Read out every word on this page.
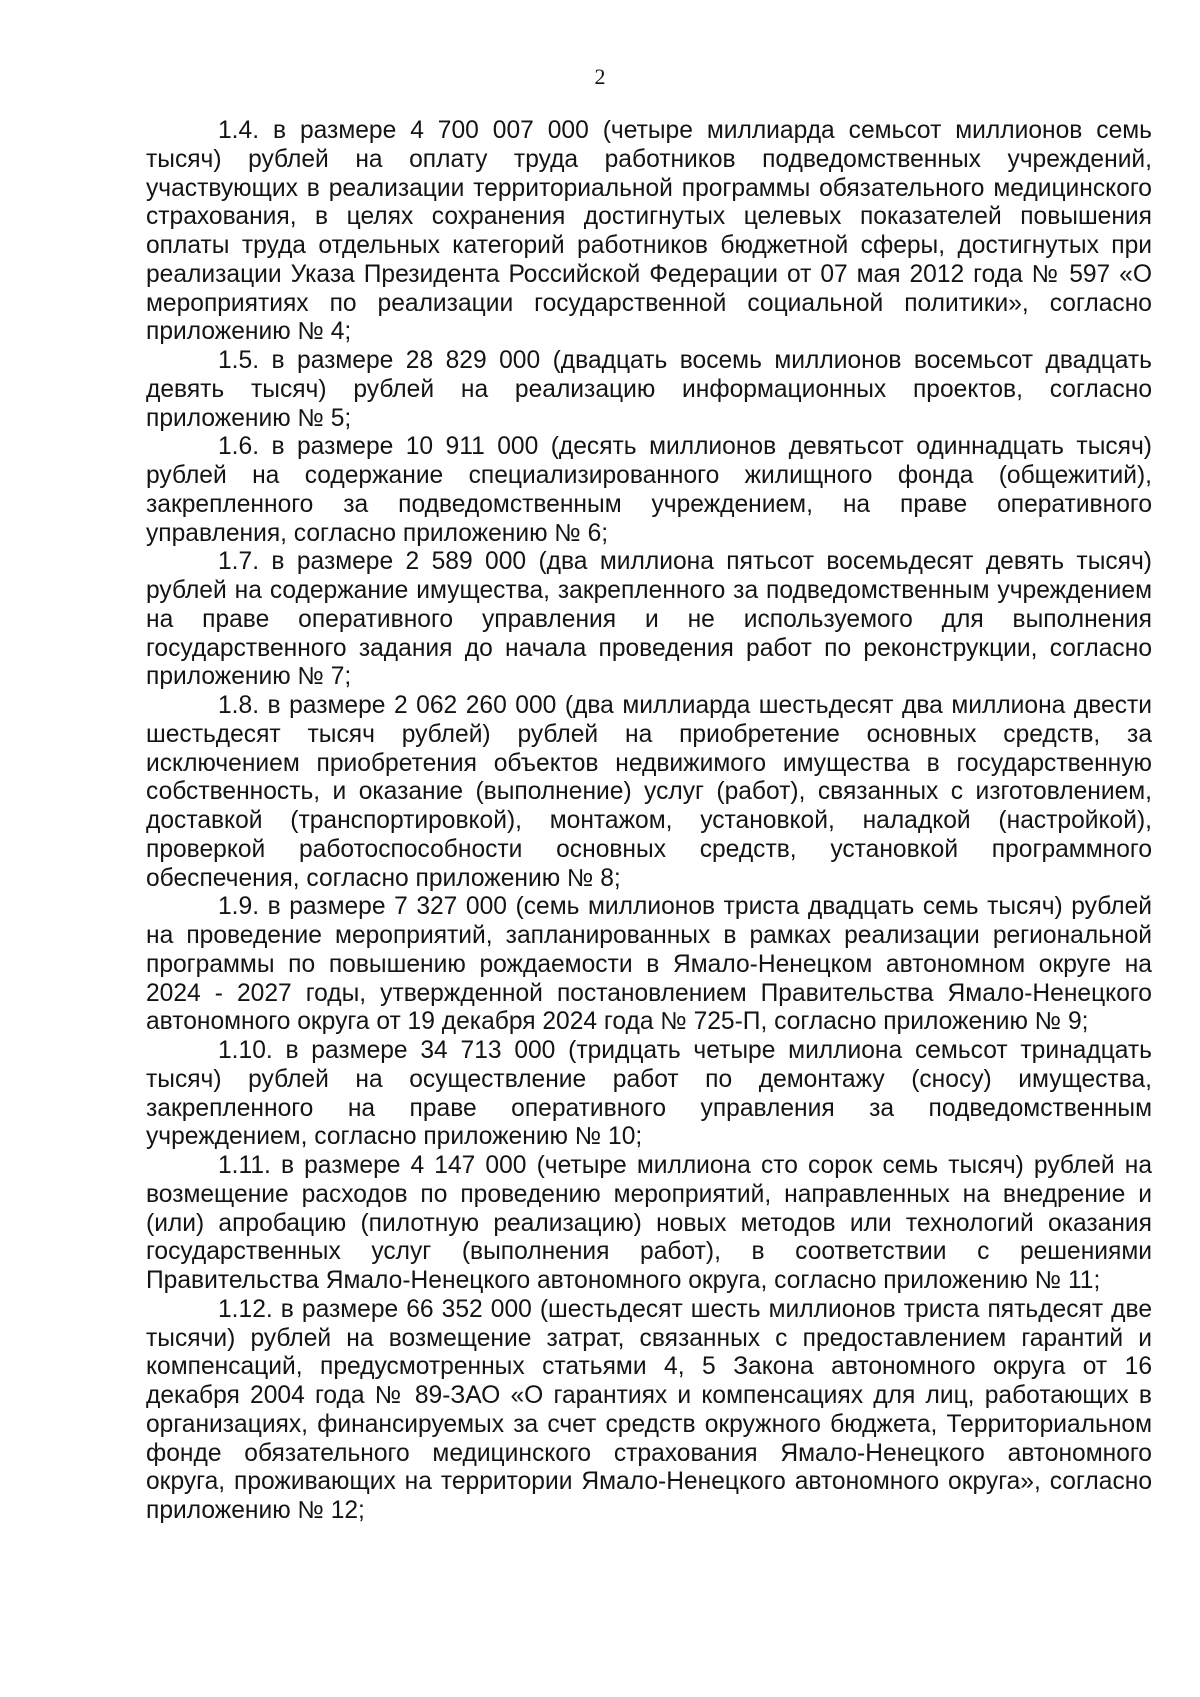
2

1.4. в размере 4 700 007 000 (четыре миллиарда семьсот миллионов семь тысяч) рублей на оплату труда работников подведомственных учреждений, участвующих в реализации территориальной программы обязательного медицинского страхования, в целях сохранения достигнутых целевых показателей повышения оплаты труда отдельных категорий работников бюджетной сферы, достигнутых при реализации Указа Президента Российской Федерации от 07 мая 2012 года № 597 «О мероприятиях по реализации государственной социальной политики», согласно приложению № 4;

1.5. в размере 28 829 000 (двадцать восемь миллионов восемьсот двадцать девять тысяч) рублей на реализацию информационных проектов, согласно приложению № 5;

1.6. в размере 10 911 000 (десять миллионов девятьсот одиннадцать тысяч) рублей на содержание специализированного жилищного фонда (общежитий), закрепленного за подведомственным учреждением, на праве оперативного управления, согласно приложению № 6;

1.7. в размере 2 589 000 (два миллиона пятьсот восемьдесят девять тысяч) рублей на содержание имущества, закрепленного за подведомственным учреждением на праве оперативного управления и не используемого для выполнения государственного задания до начала проведения работ по реконструкции, согласно приложению № 7;

1.8. в размере 2 062 260 000 (два миллиарда шестьдесят два миллиона двести шестьдесят тысяч рублей) рублей на приобретение основных средств, за исключением приобретения объектов недвижимого имущества в государственную собственность, и оказание (выполнение) услуг (работ), связанных с изготовлением, доставкой (транспортировкой), монтажом, установкой, наладкой (настройкой), проверкой работоспособности основных средств, установкой программного обеспечения, согласно приложению № 8;

1.9. в размере 7 327 000 (семь миллионов триста двадцать семь тысяч) рублей на проведение мероприятий, запланированных в рамках реализации региональной программы по повышению рождаемости в Ямало-Ненецком автономном округе на 2024 - 2027 годы, утвержденной постановлением Правительства Ямало-Ненецкого автономного округа от 19 декабря 2024 года № 725-П, согласно приложению № 9;

1.10. в размере 34 713 000 (тридцать четыре миллиона семьсот тринадцать тысяч) рублей на осуществление работ по демонтажу (сносу) имущества, закрепленного на праве оперативного управления за подведомственным учреждением, согласно приложению № 10;

1.11. в размере 4 147 000 (четыре миллиона сто сорок семь тысяч) рублей на возмещение расходов по проведению мероприятий, направленных на внедрение и (или) апробацию (пилотную реализацию) новых методов или технологий оказания государственных услуг (выполнения работ), в соответствии с решениями Правительства Ямало-Ненецкого автономного округа, согласно приложению № 11;

1.12. в размере 66 352 000 (шестьдесят шесть миллионов триста пятьдесят две тысячи) рублей на возмещение затрат, связанных с предоставлением гарантий и компенсаций, предусмотренных статьями 4, 5 Закона автономного округа от 16 декабря 2004 года № 89-ЗАО «О гарантиях и компенсациях для лиц, работающих в организациях, финансируемых за счет средств окружного бюджета, Территориальном фонде обязательного медицинского страхования Ямало-Ненецкого автономного округа, проживающих на территории Ямало-Ненецкого автономного округа», согласно приложению № 12;
